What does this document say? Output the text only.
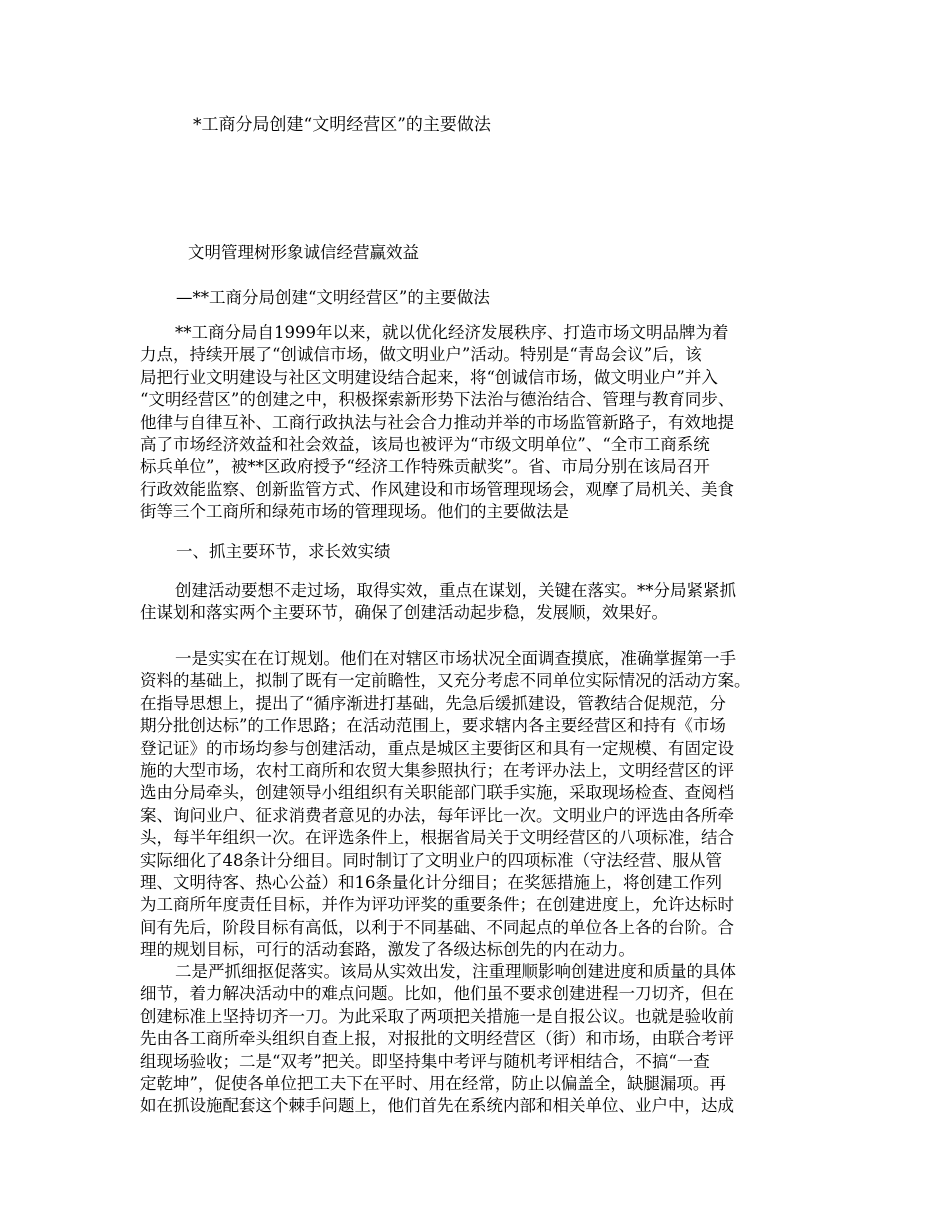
*工商分局创建“文明经营区”的主要做法
文明管理树形象诚信经营赢效益
—**工商分局创建“文明经营区”的主要做法
**工商分局自1999年以来，就以优化经济发展秩序、打造市场文明品牌为着
力点，持续开展了“创诚信市场，做文明业户”活动。特别是“青岛会议”后，该
局把行业文明建设与社区文明建设结合起来，将“创诚信市场，做文明业户”并入
“文明经营区”的创建之中，积极探索新形势下法治与德治结合、管理与教育同步、
他律与自律互补、工商行政执法与社会合力推动并举的市场监管新路子，有效地提
高了市场经济效益和社会效益，该局也被评为“市级文明单位”、“全市工商系统
标兵单位”，被**区政府授予“经济工作特殊贡献奖”。省、市局分别在该局召开
行政效能监察、创新监管方式、作风建设和市场管理现场会，观摩了局机关、美食
街等三个工商所和绿苑市场的管理现场。他们的主要做法是
一、抓主要环节，求长效实绩
创建活动要想不走过场，取得实效，重点在谋划，关键在落实。**分局紧紧抓
住谋划和落实两个主要环节，确保了创建活动起步稳，发展顺，效果好。
一是实实在在订规划。他们在对辖区市场状况全面调查摸底，准确掌握第一手
资料的基础上，拟制了既有一定前瞻性，又充分考虑不同单位实际情况的活动方案。
在指导思想上，提出了“循序渐进打基础，先急后缓抓建设，管教结合促规范，分
期分批创达标”的工作思路；在活动范围上，要求辖内各主要经营区和持有《市场
登记证》的市场均参与创建活动，重点是城区主要街区和具有一定规模、有固定设
施的大型市场，农村工商所和农贸大集参照执行；在考评办法上，文明经营区的评
选由分局牵头，创建领导小组组织有关职能部门联手实施，采取现场检查、查阅档
案、询问业户、征求消费者意见的办法，每年评比一次。文明业户的评选由各所牵
头，每半年组织一次。在评选条件上，根据省局关于文明经营区的八项标准，结合
实际细化了48条计分细目。同时制订了文明业户的四项标准（守法经营、服从管
理、文明待客、热心公益）和16条量化计分细目；在奖惩措施上，将创建工作列
为工商所年度责任目标，并作为评功评奖的重要条件；在创建进度上，允许达标时
间有先后，阶段目标有高低，以利于不同基础、不同起点的单位各上各的台阶。合
理的规划目标，可行的活动套路，激发了各级达标创先的内在动力。
二是严抓细抠促落实。该局从实效出发，注重理顺影响创建进度和质量的具体
细节，着力解决活动中的难点问题。比如，他们虽不要求创建进程一刀切齐，但在
创建标准上坚持切齐一刀。为此采取了两项把关措施一是自报公议。也就是验收前
先由各工商所牵头组织自查上报，对报批的文明经营区（街）和市场，由联合考评
组现场验收；二是“双考”把关。即坚持集中考评与随机考评相结合，不搞“一查
定乾坤”，促使各单位把工夫下在平时、用在经常，防止以偏盖全，缺腿漏项。再
如在抓设施配套这个棘手问题上，他们首先在系统内部和相关单位、业户中，达成
